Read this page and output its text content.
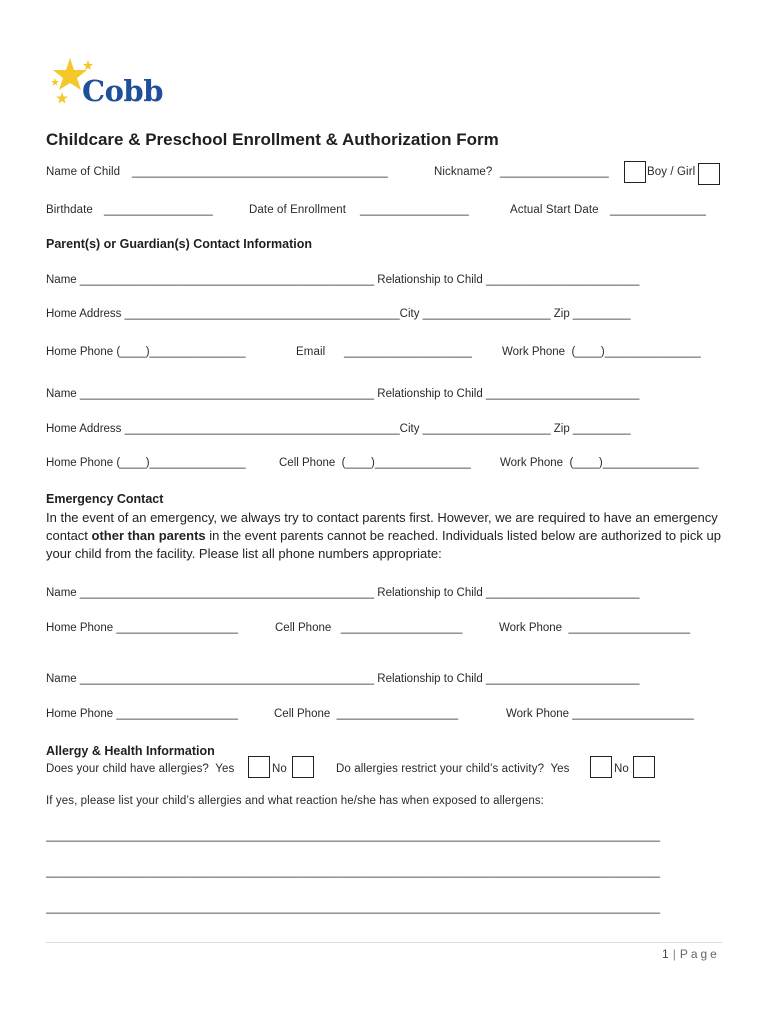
Cobb

Childcare & Preschool Enrollment & Authorization Form
Name of Child ________________________________________	Nickname? _________________	Boy / Girl
Birthdate _________________	Date of Enrollment _________________	Actual Start Date _______________
Parent(s) or Guardian(s) Contact Information
Name ______________________________________________ Relationship to Child ________________________
Home Address ___________________________________________City ____________________ Zip _________
Home Phone (____)_______________	Email ____________________	Work Phone  (____)_______________
Name ______________________________________________ Relationship to Child ________________________
Home Address ___________________________________________City ____________________ Zip _________
Home Phone (____)_______________	Cell Phone  (____)_______________	Work Phone  (____)_______________
Emergency Contact
In the event of an emergency, we always try to contact parents first. However, we are required to have an emergency contact other than parents in the event parents cannot be reached. Individuals listed below are authorized to pick up your child from the facility. Please list all phone numbers appropriate:
Name ______________________________________________ Relationship to Child ________________________
Home Phone ___________________	Cell Phone   ___________________	Work Phone  ___________________
Name ______________________________________________ Relationship to Child ________________________
Home Phone ___________________	Cell Phone  ___________________	Work Phone ___________________
Allergy & Health Information
Does your child have allergies?  Yes	No	Do allergies restrict your child’s activity?  Yes	No
If yes, please list your child’s allergies and what reaction he/she has when exposed to allergens:
________________________________________________________________________________________________
________________________________________________________________________________________________
________________________________________________________________________________________________
1 | Page
